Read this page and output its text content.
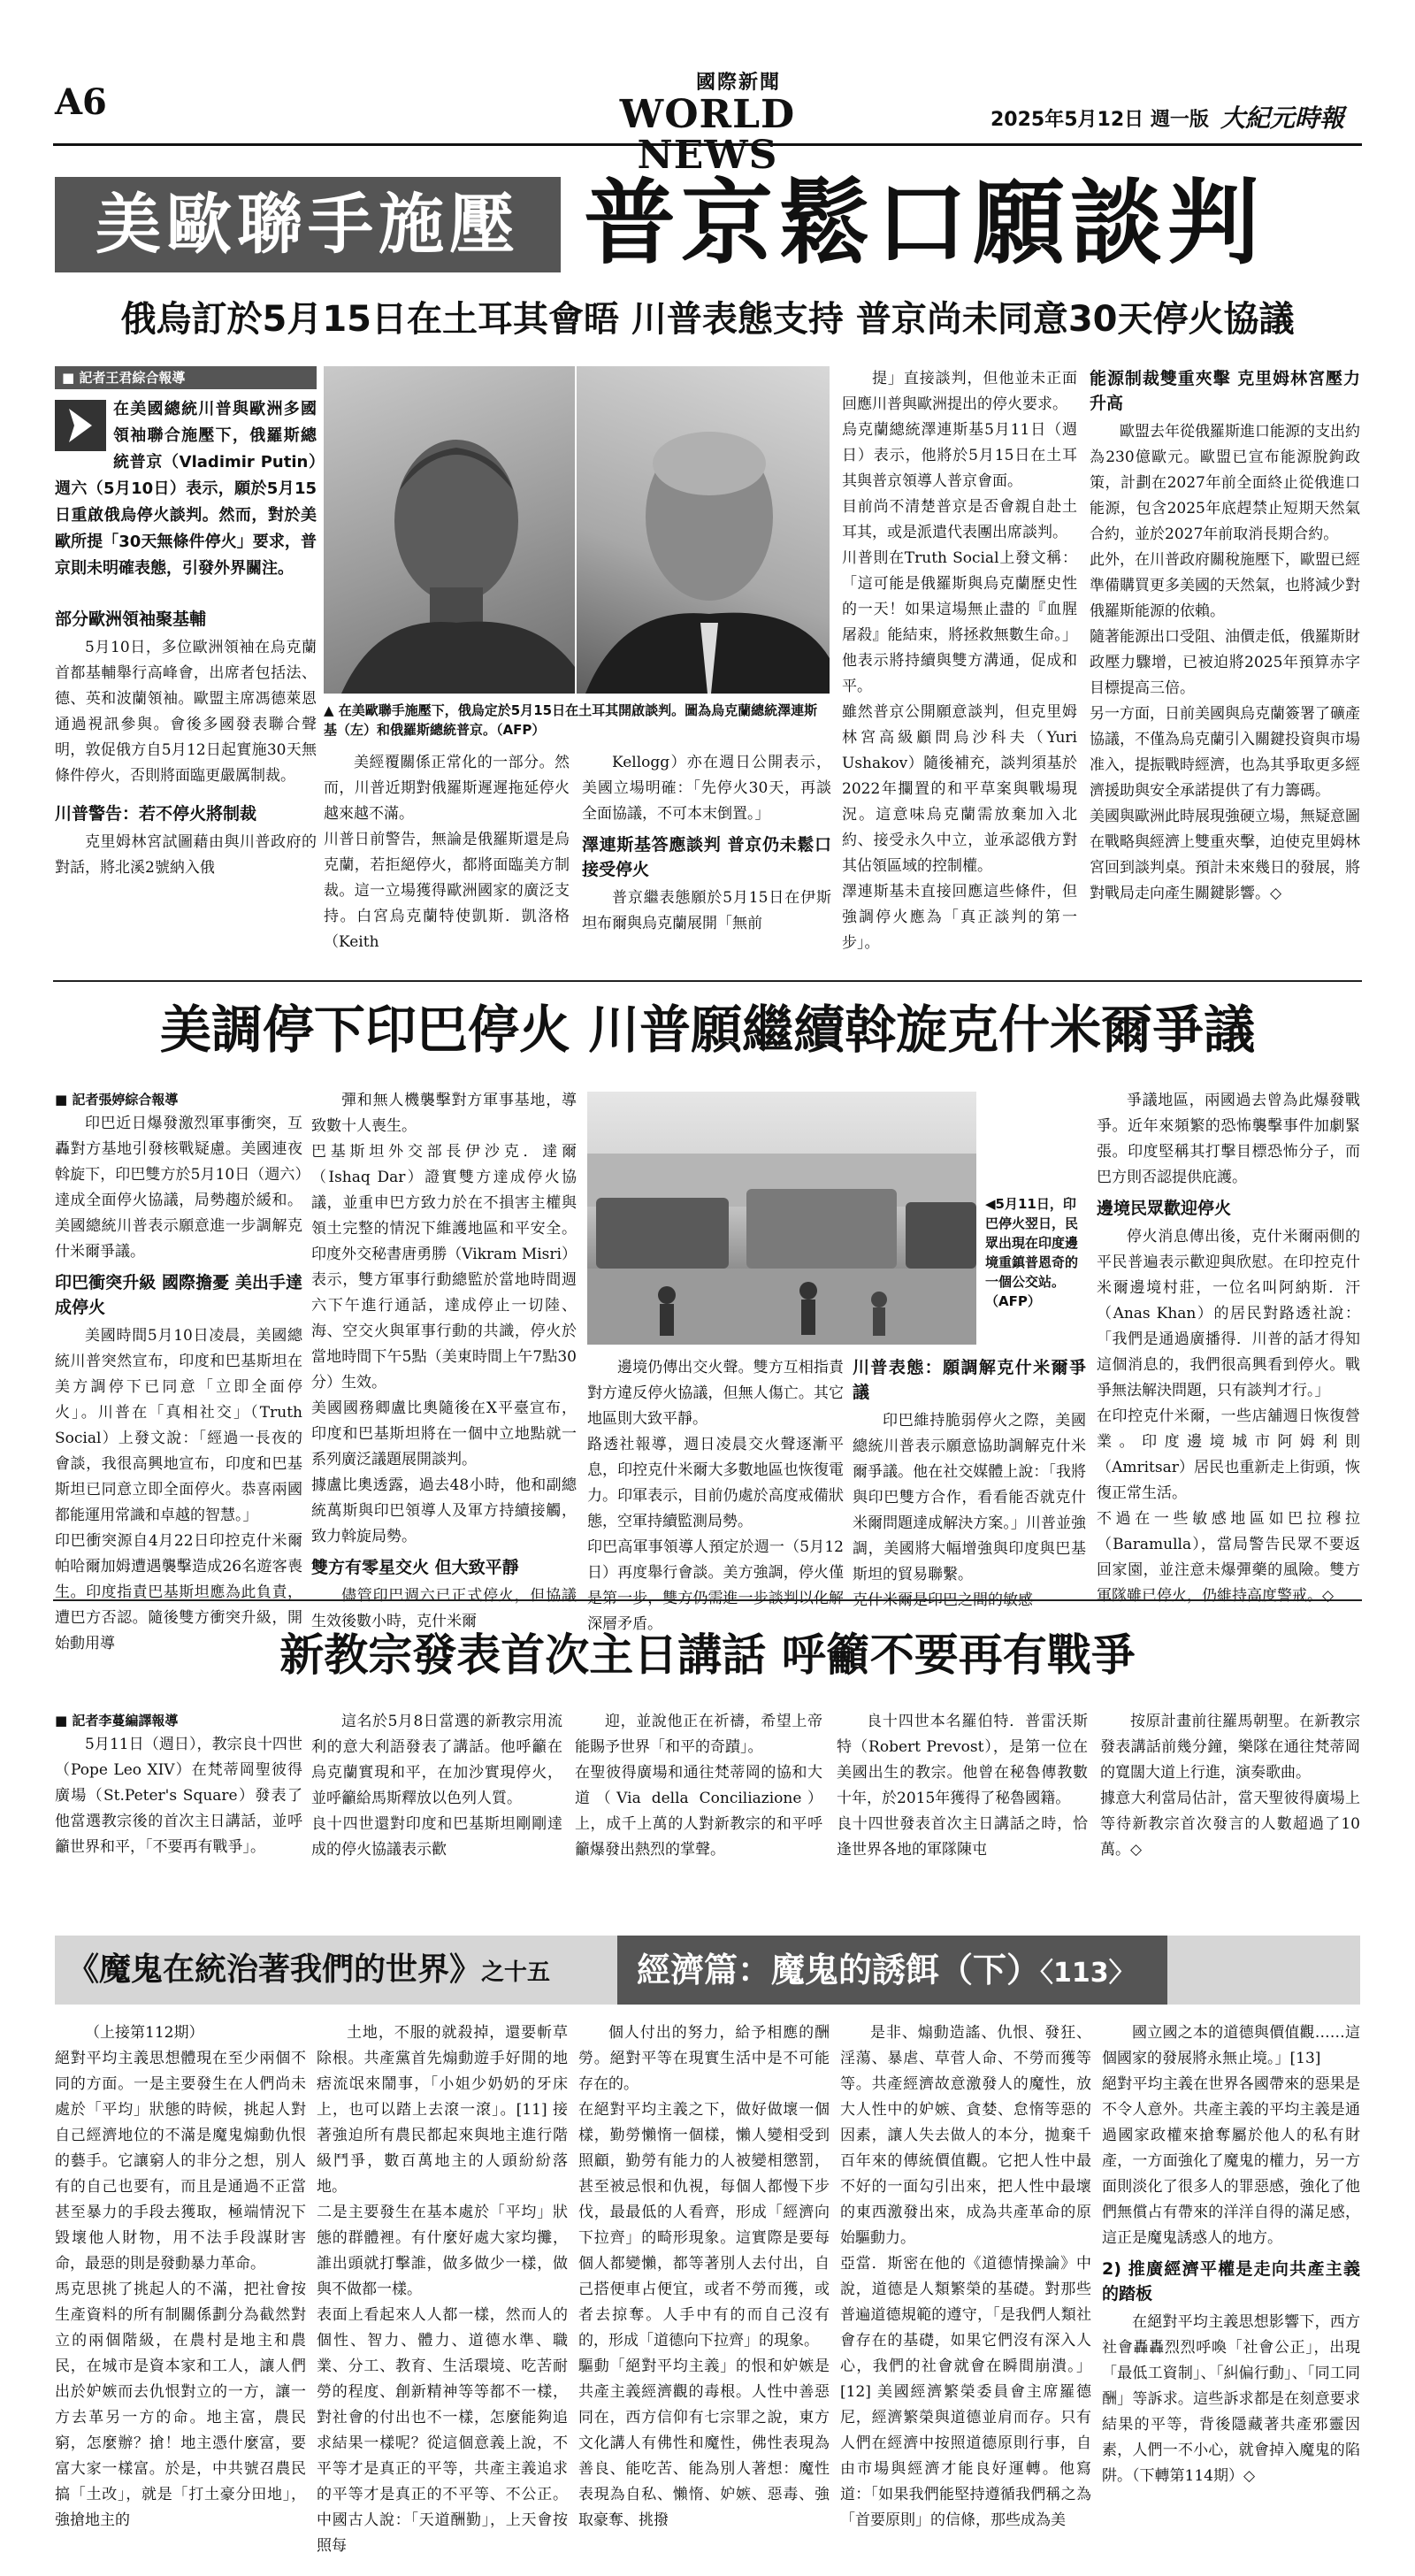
A6	國際新聞
WORLD NEWS
2025年5月12日 週一版 大紀元時報
美歐聯手施壓 普京鬆口願談判
俄烏訂於5月15日在土耳其會晤 川普表態支持 普京尚未同意30天停火協議
■ 記者王君綜合報導
在美國總統川普與歐洲多國領袖聯合施壓下，俄羅斯總統普京（Vladimir Putin）週六（5月10日）表示，願於5月15日重啟俄烏停火談判。然而，對於美歐所提「30天無條件停火」要求，普京則未明確表態，引發外界關注。
部分歐洲領袖聚基輔

5月10日，多位歐洲領袖在烏克蘭首都基輔舉行高峰會，出席者包括法、德、英和波蘭領袖。歐盟主席馮德萊恩通過視訊參與。會後多國發表聯合聲明，敦促俄方自5月12日起實施30天無條件停火，否則將面臨更嚴厲制裁。

川普警告：若不停火將制裁

克里姆林宮試圖藉由與川普政府的對話，將北溪2號納入俄

▲ 在美歐聯手施壓下，俄烏定於5月15日在土耳其開啟談判。圖為烏克蘭總統澤連斯基（左）和俄羅斯總統普京。（AFP）

美經覆關係正常化的一部分。然而，川普近期對俄羅斯遲遲拖延停火越來越不滿。
川普日前警告，無論是俄羅斯還是烏克蘭，若拒絕停火，都將面臨美方制裁。這一立場獲得歐洲國家的廣泛支持。白宮烏克蘭特使凱斯．凱洛格（Keith

Kellogg）亦在週日公開表示，美國立場明確：「先停火30天，再談全面協議，不可本末倒置。」

澤連斯基答應談判 普京仍未鬆口接受停火

普京繼表態願於5月15日在伊斯坦布爾與烏克蘭展開「無前

提」直接談判，但他並未正面回應川普與歐洲提出的停火要求。
烏克蘭總統澤連斯基5月11日（週日）表示，他將於5月15日在土耳其與普京領導人普京會面。
目前尚不清楚普京是否會親自赴土耳其，或是派遣代表團出席談判。
川普則在Truth Social上發文稱：「這可能是俄羅斯與烏克蘭歷史性的一天！如果這場無止盡的『血腥屠殺』能結束，將拯救無數生命。」他表示將持續與雙方溝通，促成和平。
雖然普京公開願意談判，但克里姆林宮高級顧問烏沙科夫（Yuri Ushakov）隨後補充，談判須基於2022年攔置的和平草案與戰場現況。這意味烏克蘭需放棄加入北約、接受永久中立，並承認俄方對其佔領區域的控制權。
澤連斯基未直接回應這些條件，但強調停火應為「真正談判的第一步」。

能源制裁雙重夾擊 克里姆林宮壓力升高

歐盟去年從俄羅斯進口能源的支出約為230億歐元。歐盟已宣布能源脫鉤政策，計劃在2027年前全面終止從俄進口能源，包含2025年底趕禁止短期天然氣合約，並於2027年前取消長期合約。
此外，在川普政府關稅施壓下，歐盟已經準備購買更多美國的天然氣，也將減少對俄羅斯能源的依賴。
隨著能源出口受阻、油價走低，俄羅斯財政壓力驟增，已被迫將2025年預算赤字目標提高三倍。
另一方面，日前美國與烏克蘭簽署了礦產協議，不僅為烏克蘭引入關鍵投資與市場准入，提振戰時經濟，也為其爭取更多經濟援助與安全承諾提供了有力籌碼。
美國與歐洲此時展現強硬立場，無疑意圖在戰略與經濟上雙重夾擊，迫使克里姆林宮回到談判桌。預計未來幾日的發展，將對戰局走向產生關鍵影響。◇

美調停下印巴停火 川普願繼續斡旋克什米爾爭議
■ 記者張婷綜合報導

印巴近日爆發激烈軍事衝突，互轟對方基地引發核戰疑慮。美國連夜斡旋下，印巴雙方於5月10日（週六）達成全面停火協議，局勢趨於緩和。美國總統川普表示願意進一步調解克什米爾爭議。

印巴衝突升級 國際擔憂 美出手達成停火

美國時間5月10日凌晨，美國總統川普突然宣布，印度和巴基斯坦在美方調停下已同意「立即全面停火」。川普在「真相社交」（Truth Social）上發文說：「經過一長夜的會談，我很高興地宣布，印度和巴基斯坦已同意立即全面停火。恭喜兩國都能運用常識和卓越的智慧。」
印巴衝突源自4月22日印控克什米爾帕哈爾加姆遭遇襲擊造成26名遊客喪生。印度指責巴基斯坦應為此負責，遭巴方否認。隨後雙方衝突升級，開始動用導

彈和無人機襲擊對方軍事基地，導致數十人喪生。
巴基斯坦外交部長伊沙克．達爾（Ishaq Dar）證實雙方達成停火協議，並重申巴方致力於在不損害主權與領土完整的情況下維護地區和平安全。印度外交秘書唐勇勝（Vikram Misri）表示，雙方軍事行動總監於當地時間週六下午進行通話，達成停止一切陸、海、空交火與軍事行動的共識，停火於當地時間下午5點（美東時間上午7點30分）生效。
美國國務卿盧比奧隨後在X平臺宣布，印度和巴基斯坦將在一個中立地點就一系列廣泛議題展開談判。
據盧比奧透露，過去48小時，他和副總統萬斯與印巴領導人及軍方持續接觸，致力斡旋局勢。

雙方有零星交火 但大致平靜

儘管印巴週六已正式停火，但協議生效後數小時，克什米爾

◀5月11日，印巴停火翌日，民眾出現在印度邊境重鎮普恩奇的一個公交站。（AFP）

邊境仍傳出交火聲。雙方互相指責對方違反停火協議，但無人傷亡。其它地區則大致平靜。
路透社報導，週日凌晨交火聲逐漸平息，印控克什米爾大多數地區也恢復電力。印軍表示，目前仍處於高度戒備狀態，空軍持續監測局勢。
印巴高軍事領導人預定於週一（5月12日）再度舉行會談。美方強調，停火僅是第一步，雙方仍需進一步談判以化解深層矛盾。

川普表態：願調解克什米爾爭議

印巴維持脆弱停火之際，美國總統川普表示願意協助調解克什米爾爭議。他在社交媒體上說：「我將與印巴雙方合作，看看能否就克什米爾問題達成解決方案。」川普並強調，美國將大幅增強與印度與巴基斯坦的貿易聯繫。
克什米爾是印巴之間的敏感

爭議地區，兩國過去曾為此爆發戰爭。近年來頻繁的恐怖襲擊事件加劇緊張。印度堅稱其打擊目標恐怖分子，而巴方則否認提供庇護。

邊境民眾歡迎停火

停火消息傳出後，克什米爾兩側的平民普遍表示歡迎與欣慰。在印控克什米爾邊境村莊，一位名叫阿納斯．汗（Anas Khan）的居民對路透社說：「我們是通過廣播得．川普的話才得知這個消息的，我們很高興看到停火。戰爭無法解決問題，只有談判才行。」
在印控克什米爾，一些店舖週日恢復營業。印度邊境城市阿姆利則（Amritsar）居民也重新走上街頭，恢復正常生活。
不過在一些敏感地區如巴拉穆拉（Baramulla），當局警告民眾不要返回家園，並注意未爆彈藥的風險。雙方軍隊雖已停火，仍維持高度警戒。◇

新教宗發表首次主日講話 呼籲不要再有戰爭
■ 記者李蔓編譯報導

5月11日（週日），教宗良十四世（Pope Leo XIV）在梵蒂岡聖彼得廣場（St.Peter's Square）發表了他當選教宗後的首次主日講話，並呼籲世界和平，「不要再有戰爭」。

這名於5月8日當選的新教宗用流利的意大利語發表了講話。他呼籲在烏克蘭實現和平，在加沙實現停火，並呼籲給馬斯釋放以色列人質。
良十四世還對印度和巴基斯坦剛剛達成的停火協議表示歡

迎，並說他正在祈禱，希望上帝能賜予世界「和平的奇蹟」。
在聖彼得廣場和通往梵蒂岡的協和大道（Via della Conciliazione）上，成千上萬的人對新教宗的和平呼籲爆發出熱烈的掌聲。

良十四世本名羅伯特．普雷沃斯特（Robert Prevost），是第一位在美國出生的教宗。他曾在秘魯傳教數十年，於2015年獲得了秘魯國籍。
良十四世發表首次主日講話之時，恰逢世界各地的軍隊陳屯

按原計畫前往羅馬朝聖。在新教宗發表講話前幾分鐘，樂隊在通往梵蒂岡的寬闊大道上行進，演奏歌曲。
據意大利當局估計，當天聖彼得廣場上等待新教宗首次發言的人數超過了10萬。◇

《魔鬼在統治著我們的世界》之十五	經濟篇：魔鬼的誘餌（下）〈113〉

（上接第112期）
絕對平均主義思想體現在至少兩個不同的方面。一是主要發生在人們尚未處於「平均」狀態的時候，挑起人對自己經濟地位的不滿是魔鬼煽動仇恨的藝手。它讓窮人的非分之想，別人有的自己也要有，而且是通過不正當甚至暴力的手段去獲取，極端情況下毀壞他人財物，用不法手段謀財害命，最惡的則是發動暴力革命。
馬克思挑了挑起人的不滿，把社會按生產資料的所有制關係劃分為截然對立的兩個階級，在農村是地主和農民，在城市是資本家和工人，讓人們出於妒嫉而去仇恨對立的一方，讓一方去革另一方的命。地主富，農民窮，怎麼辦？搶！地主憑什麼富，要富大家一樣富。於是，中共號召農民搞「土改」，就是「打土豪分田地」，強搶地主的

土地，不服的就殺掉，還要斬草除根。共產黨首先煽動遊手好閒的地痞流氓來鬧事，「小姐少奶奶的牙床上，也可以踏上去滾一滾」。[11] 接著強迫所有農民都起來與地主進行階級鬥爭，數百萬地主的人頭紛紛落地。
二是主要發生在基本處於「平均」狀態的群體裡。有什麼好處大家均攤，誰出頭就打擊誰，做多做少一樣，做與不做都一樣。
表面上看起來人人都一樣，然而人的個性、智力、體力、道德水準、職業、分工、教育、生活環境、吃苦耐勞的程度、創新精神等等都不一樣，對社會的付出也不一樣，怎麼能夠追求結果一樣呢？從這個意義上說，不平等才是真正的平等，共產主義追求的平等才是真正的不平等、不公正。中國古人說：「天道酬勤」，上天會按照每

個人付出的努力，給予相應的酬勞。絕對平等在現實生活中是不可能存在的。
在絕對平均主義之下，做好做壞一個樣，勤勞懶惰一個樣，懶人變相受到照顧，勤勞有能力的人被變相懲罰，甚至被忌恨和仇視，每個人都慢下步伐，最最低的人看齊，形成「經濟向下拉齊」的畸形現象。這實際是要每個人都變懶，都等著別人去付出，自己搭便車占便宜，或者不勞而獲，或者去掠奪。人手中有的而自己沒有的，形成「道德向下拉齊」的現象。
驅動「絕對平均主義」的恨和妒嫉是共產主義經濟觀的毒根。人性中善惡同在，西方信仰有七宗罪之說，東方文化講人有佛性和魔性，佛性表現為善良、能吃苦、能為別人著想：魔性表現為自私、懶惰、妒嫉、惡毒、強取豪奪、挑撥

是非、煽動造謠、仇恨、發狂、淫蕩、暴虐、草菅人命、不勞而獲等等。共產經濟故意激發人的魔性，放大人性中的妒嫉、貪婪、怠惰等惡的因素，讓人失去做人的本分，拋棄千百年來的傳統價值觀。它把人性中最不好的一面勾引出來，把人性中最壞的東西激發出來，成為共產革命的原始驅動力。
亞當．斯密在他的《道德情操論》中說，道德是人類繁榮的基礎。對那些普遍道德規範的遵守，「是我們人類社會存在的基礎，如果它們沒有深入人心，我們的社會就會在瞬間崩潰。」[12] 美國經濟繁榮委員會主席羅德尼，經濟繁榮與道德並肩而存。只有人們在經濟中按照道德原則行事，自由市場與經濟才能良好運轉。他寫道：「如果我們能堅持遵循我們稱之為「首要原則」的信條，那些成為美

國立國之本的道德與價值觀……這個國家的發展將永無止境。」[13]
絕對平均主義在世界各國帶來的惡果是不令人意外。共產主義的平均主義是通過國家政權來搶奪屬於他人的私有財產，一方面強化了魔鬼的權力，另一方面則淡化了很多人的罪惡感，強化了他們無償占有帶來的洋洋自得的滿足感，這正是魔鬼誘惑人的地方。

2) 推廣經濟平權是走向共產主義的踏板

在絕對平均主義思想影響下，西方社會轟轟烈烈呼喚「社會公正」，出現「最低工資制」、「糾偏行動」、「同工同酬」等訴求。這些訴求都是在刻意要求結果的平等，背後隱藏著共產邪靈因素，人們一不小心，就會掉入魔鬼的陷阱。（下轉第114期）◇
